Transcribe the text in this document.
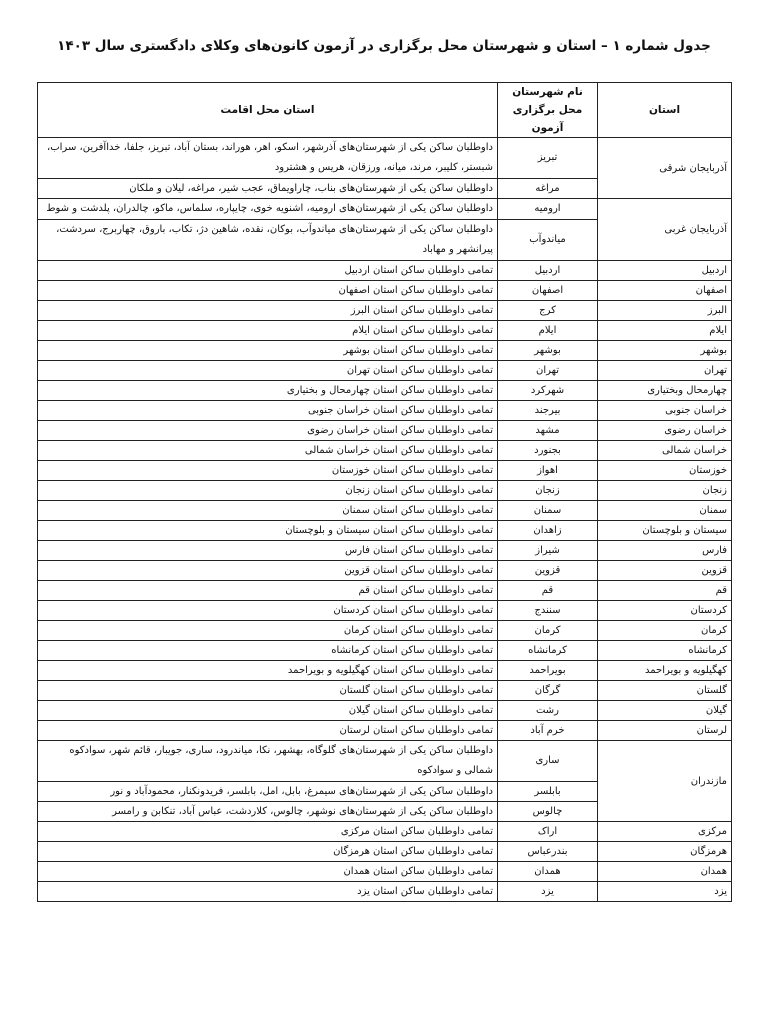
جدول شماره ۱ – استان و شهرستان محل برگزاری در آزمون کانون‌های وکلای دادگستری سال ۱۴۰۳
استان	نام شهرستان محل برگزاری آزمون	استان محل اقامت
آذربایجان شرقی	تبریز	داوطلبان ساکن یکی از شهرستان‌های آذرشهر، اسکو، اهر، هوراند، بستان آباد، تبریز، جلفا، خداآفرین، سراب، شبستر، کلیبر، مرند، میانه، ورزقان، هریس و هشترود
	مراغه	داوطلبان ساکن یکی از شهرستان‌های بناب، چاراویماق، عجب شیر، مراغه، لیلان و ملکان
آذربایجان غربی	ارومیه	داوطلبان ساکن یکی از شهرستان‌های ارومیه، اشنویه خوی، چایپاره، سلماس، ماکو، چالدران، پلدشت و شوط
	میاندوآب	داوطلبان ساکن یکی از شهرستان‌های میاندوآب، بوکان، نقده، شاهین دژ، تکاب، باروق، چهاربرج، سردشت، پیرانشهر و مهاباد
اردبیل	اردبیل	تمامی داوطلبان ساکن استان اردبیل
اصفهان	اصفهان	تمامی داوطلبان ساکن استان اصفهان
البرز	کرج	تمامی داوطلبان ساکن استان البرز
ایلام	ایلام	تمامی داوطلبان ساکن استان ایلام
بوشهر	بوشهر	تمامی داوطلبان ساکن استان بوشهر
تهران	تهران	تمامی داوطلبان ساکن استان تهران
چهارمحال وبختیاری	شهرکرد	تمامی داوطلبان ساکن استان چهارمحال و بختیاری
خراسان جنوبی	بیرجند	تمامی داوطلبان ساکن استان خراسان جنوبی
خراسان رضوی	مشهد	تمامی داوطلبان ساکن استان خراسان رضوی
خراسان شمالی	بجنورد	تمامی داوطلبان ساکن استان خراسان شمالی
خوزستان	اهواز	تمامی داوطلبان ساکن استان خوزستان
زنجان	زنجان	تمامی داوطلبان ساکن استان زنجان
سمنان	سمنان	تمامی داوطلبان ساکن استان سمنان
سیستان و بلوچستان	زاهدان	تمامی داوطلبان ساکن استان سیستان و بلوچستان
فارس	شیراز	تمامی داوطلبان ساکن استان فارس
قزوین	قزوین	تمامی داوطلبان ساکن استان قزوین
قم	قم	تمامی داوطلبان ساکن استان قم
کردستان	سنندج	تمامی داوطلبان ساکن استان کردستان
کرمان	کرمان	تمامی داوطلبان ساکن استان کرمان
کرمانشاه	کرمانشاه	تمامی داوطلبان ساکن استان کرمانشاه
کهگیلویه و بویراحمد	بویراحمد	تمامی داوطلبان ساکن استان کهگیلویه و بویراحمد
گلستان	گرگان	تمامی داوطلبان ساکن استان گلستان
گیلان	رشت	تمامی داوطلبان ساکن استان گیلان
لرستان	خرم آباد	تمامی داوطلبان ساکن استان لرستان
مازندران	ساری	داوطلبان ساکن یکی از شهرستان‌های گلوگاه، بهشهر، نکا، میاندرود، ساری، جویبار، قائم شهر، سوادکوه شمالی و سوادکوه
	بابلسر	داوطلبان ساکن یکی از شهرستان‌های سیمرغ، بابل، امل، بابلسر، فریدونکنار، محمودآباد و نور
	چالوس	داوطلبان ساکن یکی از شهرستان‌های نوشهر، چالوس، کلاردشت، عباس آباد، تنکابن و رامسر
مرکزی	اراک	تمامی داوطلبان ساکن استان مرکزی
هرمزگان	بندرعباس	تمامی داوطلبان ساکن استان هرمزگان
همدان	همدان	تمامی داوطلبان ساکن استان همدان
یزد	یزد	تمامی داوطلبان ساکن استان یزد
